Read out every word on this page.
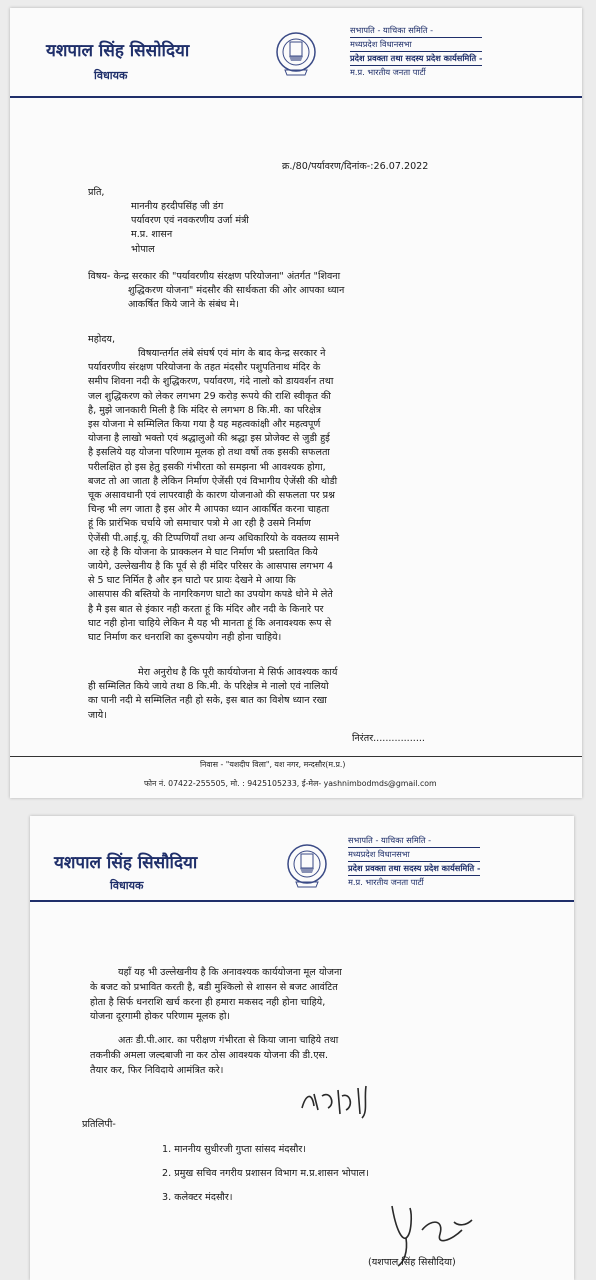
यशपाल सिंह सिसोदिया
विधायक
सभापति - याचिका समिति -
मध्यप्रदेश विधानसभा
प्रदेश प्रवक्ता तथा सदस्य प्रदेश कार्यसमिति -
म.प्र. भारतीय जनता पार्टी
क्र./80/पर्यावरण/दिनांक-:26.07.2022
प्रति,
माननीय हरदीपसिंह जी डंग
पर्यावरण एवं नवकरणीय उर्जा मंत्री
म.प्र. शासन
भोपाल
विषय- केन्द्र सरकार की "पर्यावरणीय संरक्षण परियोजना" अंतर्गत "शिवना
शुद्धिकरण योजना" मंदसौर की सार्थकता की ओर आपका ध्यान
आकर्षित किये जाने के संबंध मे।
महोदय,
विषयान्तर्गत लंबे संघर्ष एवं मांग के बाद केन्द्र सरकार ने
पर्यावरणीय संरक्षण परियोजना के तहत मंदसौर पशुपतिनाथ मंदिर के
समीप शिवना नदी के शुद्धिकरण, पर्यावरण, गंदे नालो को डायवर्शन तथा
जल शुद्धिकरण को लेकर लगभग 29 करोड़ रूपये की राशि स्वीकृत की
है, मुझे जानकारी मिली है कि मंदिर से लगभग 8 कि.मी. का परिक्षेत्र
इस योजना मे सम्मिलित किया गया है यह महत्वकांक्षी और महत्वपूर्ण
योजना है लाखो भक्तो एवं श्रद्धालुओ की श्रद्धा इस प्रोजेक्ट से जुडी हुई
है इसलिये यह योजना परिणाम मूलक हो तथा वर्षो तक इसकी सफलता
परीलक्षित हो इस हेतु इसकी गंभीरता को समझना भी आवश्यक होगा,
बजट तो आ जाता है लेकिन निर्माण ऐजेंसी एवं विभागीय ऐजेंसी की थोडी
चूक असावधानी एवं लापरवाही के कारण योजनाओ की सफलता पर प्रश्न
चिन्ह भी लग जाता है इस ओर मै आपका ध्यान आकर्षित करना चाहता
हूं कि प्रारंभिक चर्चाये जो समाचार पत्रो मे आ रही है उसमे निर्माण
ऐजेंसी पी.आई.यू. की टिप्पणियाँ तथा अन्य अधिकारियो के वक्तव्य सामने
आ रहे है कि योजना के प्राक्कलन मे घाट निर्माण भी प्रस्तावित किये
जायेगे, उल्लेखनीय है कि पूर्व से ही मंदिर परिसर के आसपास लगभग 4
से 5 घाट निर्मित है और इन घाटो पर प्रायः देखने मे आया कि
आसपास की बस्तियो के नागरिकगण घाटो का उपयोग कपडे धोने मे लेते
है मै इस बात से इंकार नही करता हूं कि मंदिर और नदी के किनारे पर
घाट नही होना चाहिये लेकिन मै यह भी मानता हूं कि अनावश्यक रूप से
घाट निर्माण कर धनराशि का दुरूपयोग नही होना चाहिये।
मेरा अनुरोध है कि पूरी कार्ययोजना मे सिर्फ आवश्यक कार्य
ही सम्मिलित किये जाये तथा 8 कि.मी. के परिक्षेत्र मे नालो एवं नालियो
का पानी नदी मे सम्मिलित नही हो सके, इस बात का विशेष ध्यान रखा
जाये।
निरंतर.................
निवास - "यशदीप विला", यश नगर, मन्दसौर(म.प्र.)
फोन नं. 07422-255505, मो. : 9425105233, ई-मेल- yashnimbodmds@gmail.com
यशपाल सिंह सिसौदिया
विधायक
सभापति - याचिका समिति -
मध्यप्रदेश विधानसभा
प्रदेश प्रवक्ता तथा सदस्य प्रदेश कार्यसमिति -
म.प्र. भारतीय जनता पार्टी
यहाँ यह भी उल्लेखनीय है कि अनावश्यक कार्ययोजना मूल योजना
के बजट को प्रभावित करती है, बडी मुश्किलो से शासन से बजट आवंटित
होता है सिर्फ धनराशि खर्च करना ही हमारा मकसद नही होना चाहिये,
योजना दूरगामी होकर परिणाम मूलक हो।
अतः डी.पी.आर. का परीक्षण गंभीरता से किया जाना चाहिये तथा
तकनीकी अमला जल्दबाजी ना कर ठोस आवश्यक योजना की डी.एस.
तैयार कर, फिर निविदाये आमंत्रित करे।
प्रतिलिपी-
1. माननीय सुधीरजी गुप्ता सांसद मंदसौर।
2. प्रमुख सचिव नगरीय प्रशासन विभाग म.प्र.शासन भोपाल।
3. कलेक्टर मंदसौर।
(यशपाल सिंह सिसौदिया)
